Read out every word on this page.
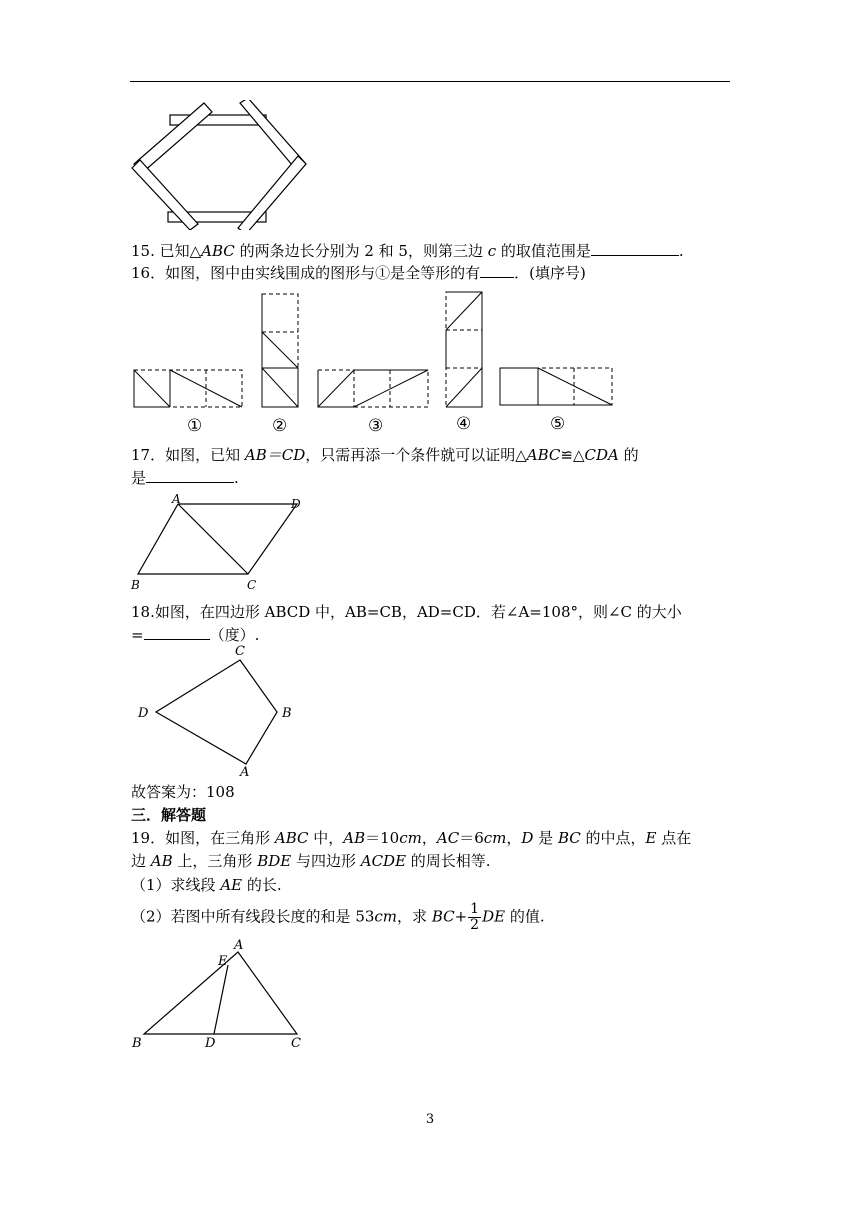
15. 已知△ABC 的两条边长分别为 2 和 5，则第三边 c 的取值范围是	.
16．如图，图中由实线围成的图形与①是全等形的有 ．(填序号)
①	②	③	④	⑤
17．如图，已知 AB＝CD，只需再添一个条件就可以证明△ABC≌△CDA 的
是	.
A	D
B	C
18.如图，在四边形 ABCD 中，AB=CB，AD=CD．若∠A=108°，则∠C 的大小
=	（度）.
C
D	B
A
故答案为：108
三．解答题
19．如图，在三角形 ABC 中，AB＝10cm，AC＝6cm，D 是 BC 的中点，E 点在
边 AB 上，三角形 BDE 与四边形 ACDE 的周长相等.
（1）求线段 AE 的长.
（2）若图中所有线段长度的和是 53cm，求 $BC+ \frac{1}{2}$ DE 的值.
A
E
B	D	C
3
